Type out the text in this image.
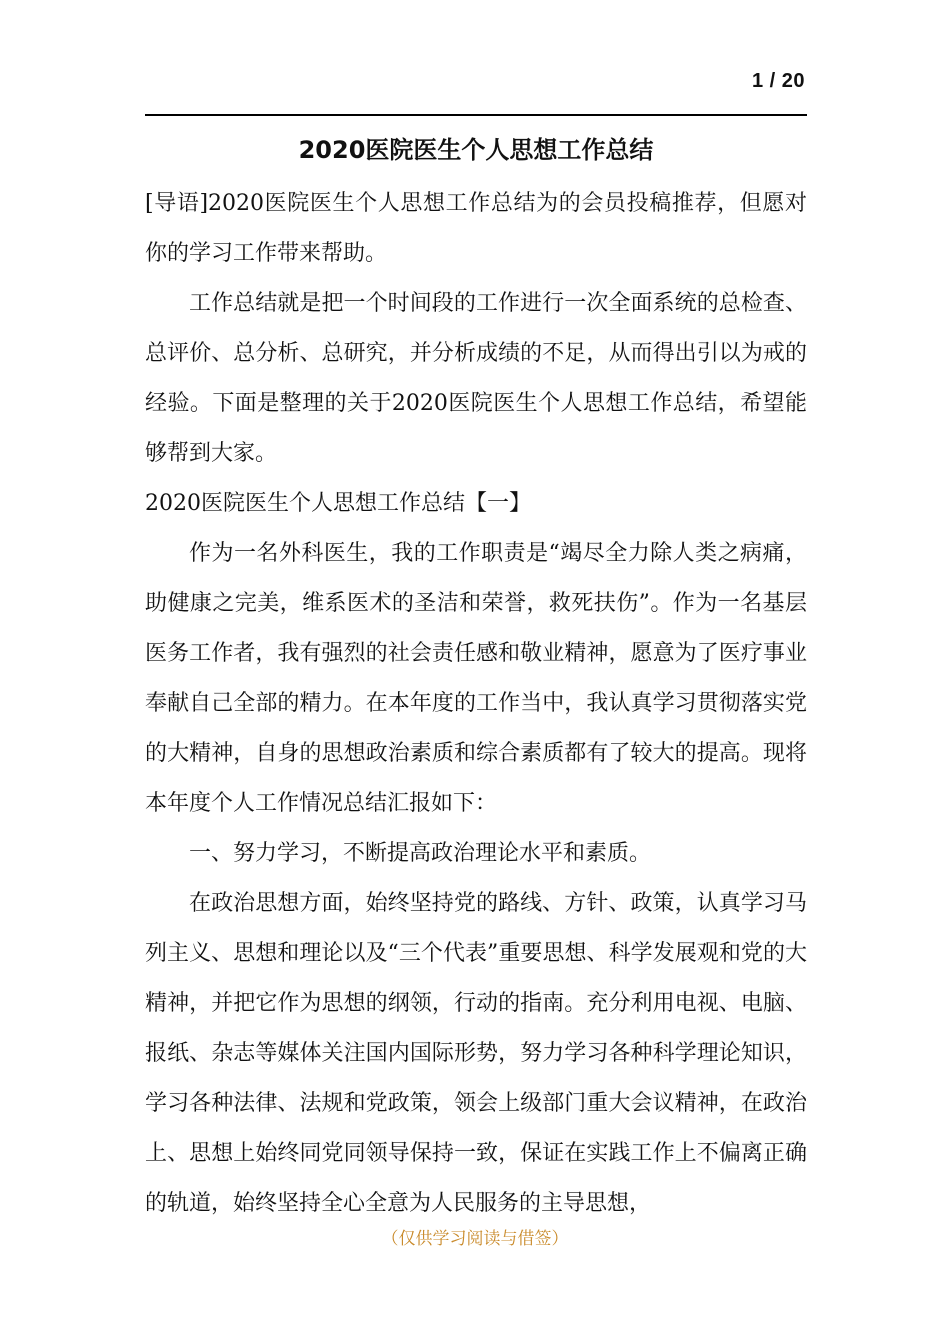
1 / 20
2020医院医生个人思想工作总结

[导语]2020医院医生个人思想工作总结为的会员投稿推荐，但愿对你的学习工作带来帮助。

工作总结就是把一个时间段的工作进行一次全面系统的总检查、总评价、总分析、总研究，并分析成绩的不足，从而得出引以为戒的经验。下面是整理的关于2020医院医生个人思想工作总结，希望能够帮到大家。

2020医院医生个人思想工作总结【一】

作为一名外科医生，我的工作职责是“竭尽全力除人类之病痛，助健康之完美，维系医术的圣洁和荣誉，救死扶伤”。作为一名基层医务工作者，我有强烈的社会责任感和敬业精神，愿意为了医疗事业奉献自己全部的精力。在本年度的工作当中，我认真学习贯彻落实党的大精神，自身的思想政治素质和综合素质都有了较大的提高。现将本年度个人工作情况总结汇报如下：

一、努力学习，不断提高政治理论水平和素质。

在政治思想方面，始终坚持党的路线、方针、政策，认真学习马列主义、思想和理论以及“三个代表”重要思想、科学发展观和党的大精神，并把它作为思想的纲领，行动的指南。充分利用电视、电脑、报纸、杂志等媒体关注国内国际形势，努力学习各种科学理论知识，学习各种法律、法规和党政策，领会上级部门重大会议精神，在政治上、思想上始终同党同领导保持一致，保证在实践工作上不偏离正确的轨道，始终坚持全心全意为人民服务的主导思想，

（仅供学习阅读与借签）
